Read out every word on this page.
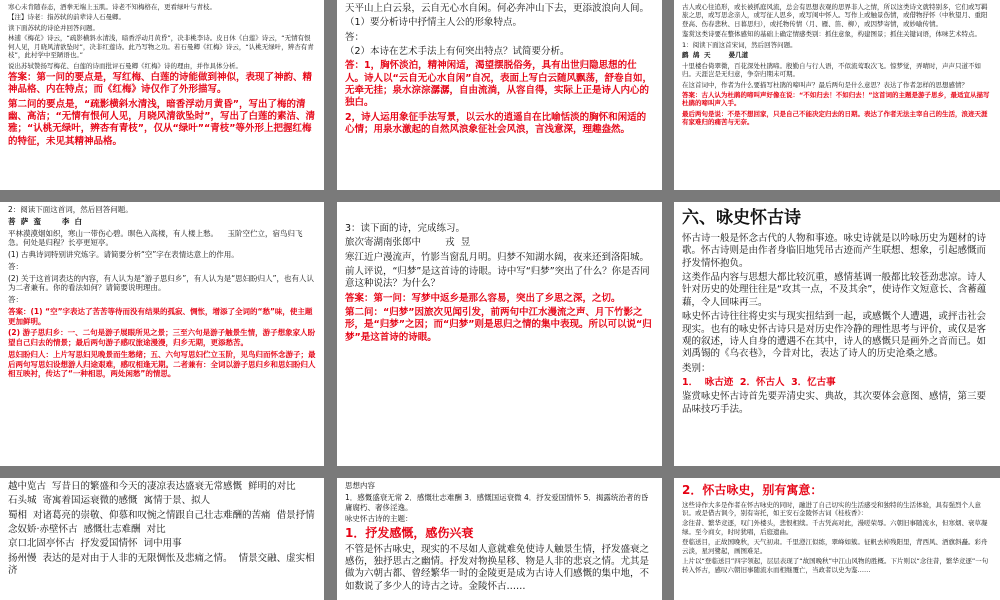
寒心未肯随春态，酒拳无端上玉肌。诗老不知梅格在，更看绿叶与青枝。

【注】诗老：指苏轼的前辈诗人石曼卿。

读下面苏轼的诗论并回答问题。

林逋《梅花》诗云，“疏影横斜水清浅，暗香浮动月黄昏”，决非桃李诗。皮日休《白莲》诗云，“无情有恨何人见，月晓风清欲坠时”，决非红莲诗。此乃写物之功。若石曼卿《红梅》诗云，“认桃无绿叶，辨杏有青枝”，此村学中至陋语也。”

说出苏轼赞扬写梅花、白莲的诗而批评石曼卿《红梅》诗的理由，并作具体分析。

答案：第一问的要点是，写红梅、白莲的诗能做到神似，表现了神韵、精神品格、内在特点；而《红梅》诗仅作了外形描写。

第二问的要点是，“疏影横斜水清浅，暗香浮动月黄昏”，写出了梅的清幽、高洁；“无情有恨何人见，月晓风清欲坠时”，写出了白莲的素洁、清雅；“认桃无绿叶，辨杏有青枝”，仅从“绿叶”“青枝”等外形上把握红梅的特征，未见其精神品格。

天平山上白云泉，云自无心水自闲。何必奔冲山下去，更添波浪向人间。

（1）要分析诗中抒情主人公的形象特点。

答：

（2）本诗在艺术手法上有何突出特点？试简要分析。

答：1，胸怀淡泊，精神闲适，渴望摆脱俗务，具有出世归隐思想的仕人。诗人以“云自无心水自闲”自况，表面上写白云随风飘荡，舒卷自如，无牵无挂；泉水淙淙潺潺，自由流淌，从容自得，实际上正是诗人内心的独白。

2，诗人运用象征手法写景，以云水的逍遥自在比喻恬淡的胸怀和闲适的心情；用泉水激起的自然风浪象征社会风浪，言浅意深，理趣盎然。

古人或心往追形，或长被抓庭风流，总会有思想表观的思界非人之情，所以这类诗文就特别多，它们或写羁旅之思，或写思念亲人，或写征人思乡，或写闺中怀人。写作上或触景伤情，或借物抒怀（中秋望月、重阳登高、伤春悲秋、日暮思归），或托物传情（月、雁、笛、柳），或因梦寄情，或妙喻传情。

鉴赏这类诗要在整体感知的基础上确定情感类别：抓住意象，构建图景；抓住关键词语，体味艺术特点。

1：阅读下面这首宋词，然后回答问题。

鹧  鸪  天        晏几道

十里楼台倚翠微，百花深处杜鹃啼。殷勤自与行人语，不似流莺取次飞。惊梦觉，弄晴时，声声只道不如归。天涯岂是无归意，争奈归期未可期。

在这首词中，作者为什么要描写杜鹃的啼叫声？最后两句是什么意思？表达了作者怎样的思想感情？

答案：古人认为杜鹃的啼叫声好像在说：“不如归去！不如归去！”这首词的主题是游子思乡，最适宜从描写杜鹃的啼叫声入手。

最后两句是说：不是不想回家，只是自己不能决定归去的日期。表达了作者无法主宰自己的生活，浪迹天涯有家难归的痛苦与无奈。

2：阅读下面这首词，然后回答问题。

菩  萨  蛮        李  白

平林漠漠烟如织，寒山一带伤心碧。暝色入高楼，有人楼上愁。    玉阶空伫立，宿鸟归飞急。何处是归程？长亭更短亭。

(1) 古典诗词特别讲究炼字。请简要分析“空”字在表情达意上的作用。

答：

(2) 关于这首词表达的内容，有人认为是“游子思归乡”，有人认为是“思妇盼归人”，也有人认为二者兼有。你的看法如何？请简要说明理由。

答：

答案：(1) “空”字表达了苦苦等待而没有结果的孤寂、惆怅，增添了全词的“愁”味，使主题更加鲜明。

(2) 游子思归乡：一、二句是游子展眼所见之景；三至六句是游子触景生情，游子想象家人盼望自己归去的情景；最后两句游子感叹旅途漫漫，归乡无期，更添愁苦。

思妇盼归人：上片写思妇见晚景而生愁绪；五、六句写思妇伫立玉阶，见鸟归而怀念游子；最后两句写思妇设想游人归途艰难，感叹相逢无期。二者兼有：全词以游子思归乡和思妇盼归人相互映衬，传达了“一种相思，两处闲愁”的情思。

3：读下面的诗，完成练习。

旅次寄湖南张郎中        戎  昱

寒江近户漫流声，竹影当窗乱月明。归梦不知湖水阔，夜来还到洛阳城。

前人评说，“归梦”是这首诗的诗眼。诗中写“归梦”突出了什么？你是否同意这种说法？为什么？

答案：第一问：写梦中返乡是那么容易，突出了乡思之深，之切。

第二问：“归梦”因旅次见闻引发，前两句中江水漫流之声、月下竹影之形，是“归梦”之因；而“归梦”则是思归之情的集中表现。所以可以说“归梦”是这首诗的诗眼。

六、咏史怀古诗

怀古诗一般是怀念古代的人物和事迹。咏史诗就是以吟咏历史为题材的诗歌。怀古诗则是由作者身临旧地凭吊古迹而产生联想、想象，引起感慨而抒发情怀抱负。

这类作品内容与思想大都比较沉重，感情基调一般都比较苍劲悲凉。诗人针对历史的处理往往是“攻其一点，不及其余”，使诗作文短意长、含蓄蕴藉，令人回味再三。

咏史怀古诗往往将史实与现实扭结到一起，或感慨个人遭遇，或抨击社会现实。也有的咏史怀古诗只是对历史作冷静的理性思考与评价，或仅是客观的叙述，诗人自身的遭遇不在其中，诗人的感慨只是画外之音而已。如刘禹锡的《乌衣巷》，今昔对比，表达了诗人的历史沧桑之感。

类别：

1．  咏古迹  2．怀古人  3．忆古事

鉴赏咏史怀古诗首先要弄清史实、典故，其次要体会意图、感情，第三要品味技巧手法。

越中览古  写昔日的繁盛和今天的凄凉表达盛衰无常感慨  鲜明的对比

石头城  寄寓着国运衰微的感慨  寓情于景、拟人

蜀相  对诸葛亮的崇敬、仰慕和叹惋之情跟自己壮志难酬的苦痛  借景抒情

念奴娇·赤壁怀古  感慨壮志难酬  对比

京口北固亭怀古  抒发爱国情怀  词中用事

扬州慢  表达的是对由于人非的无限惆怅及悲痛之情。  情景交融、虚实相济

思想内容

1．感慨盛衰无常 2．感慨壮志难酬 3．感慨国运衰微 4．抒发爱国情怀 5．揭露统治者的昏庸腐朽、奢侈淫逸。

咏史怀古诗的主题：

1．抒发感慨，感伤兴衰

不管是怀古咏史，现实的不尽如人意就难免使诗人触景生情，抒发盛衰之感伤，独抒思古之幽情。抒发对物换星移、物是人非的悲哀之情。尤其是做为六朝古都、曾经繁华一时的金陵更是成为古诗人们感慨的集中地，不如数说了多少人的诗古之诗。金陵怀古……

2．怀古咏史，别有寓意：

这些诗作大多是作者在怀古咏史的同时，融进了自己切实的生活感受和独特的生活体验，具有强烈个人意识。或是借古讽今，别有寄托，如王安石金陵怀古词《桂枝香》：

念往昔、繁华竞逐，叹门外楼头，悲恨相续。千古凭高对此，漫嗟荣辱。六朝旧事随流水，但寒烟、衰草凝绿。至今商女，时时犹唱，后庭遗曲。

登临送目，正故国晚秋，天气初肃。千里澄江似练，翠峰如簇。征帆去棹残阳里，背西风、酒旗斜矗。彩舟云淡，星河鹭起，画图难足。

上片以“登临送目”四字领起，层层表现了“故国晚秋”中江山风物的胜概。下片则以“念往昔，繁华竞逐”一句转入怀古，感叹六朝旧事随流水而相继覆亡，当政者以史为鉴……
